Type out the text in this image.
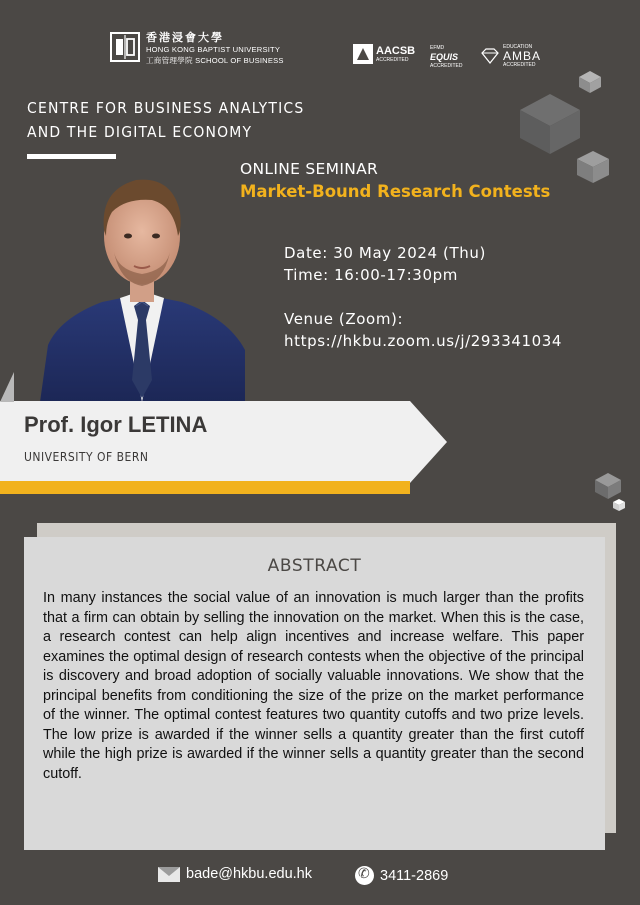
香港浸會大學
HONG KONG BAPTIST UNIVERSITY
工商管理學院 SCHOOL OF BUSINESS
AACSB
ACCREDITED
EFMD
EQUIS
ACCREDITED
EDUCATION
AMBA
ACCREDITED
CENTRE FOR BUSINESS ANALYTICS
AND THE DIGITAL ECONOMY
ONLINE SEMINAR
Market-Bound Research Contests
Date: 30 May 2024 (Thu)
Time: 16:00-17:30pm
Venue (Zoom):
https://hkbu.zoom.us/j/293341034
Prof. Igor LETINA
UNIVERSITY OF BERN
ABSTRACT
In many instances the social value of an innovation is much larger than the profits that a firm can obtain by selling the innovation on the market. When this is the case, a research contest can help align incentives and increase welfare. This paper examines the optimal design of research contests when the objective of the principal is discovery and broad adoption of socially valuable innovations. We show that the principal benefits from conditioning the size of the prize on the market performance of the winner. The optimal contest features two quantity cutoffs and two prize levels. The low prize is awarded if the winner sells a quantity greater than the first cutoff while the high prize is awarded if the winner sells a quantity greater than the second cutoff.
bade@hkbu.edu.hk
✆	3411-2869
